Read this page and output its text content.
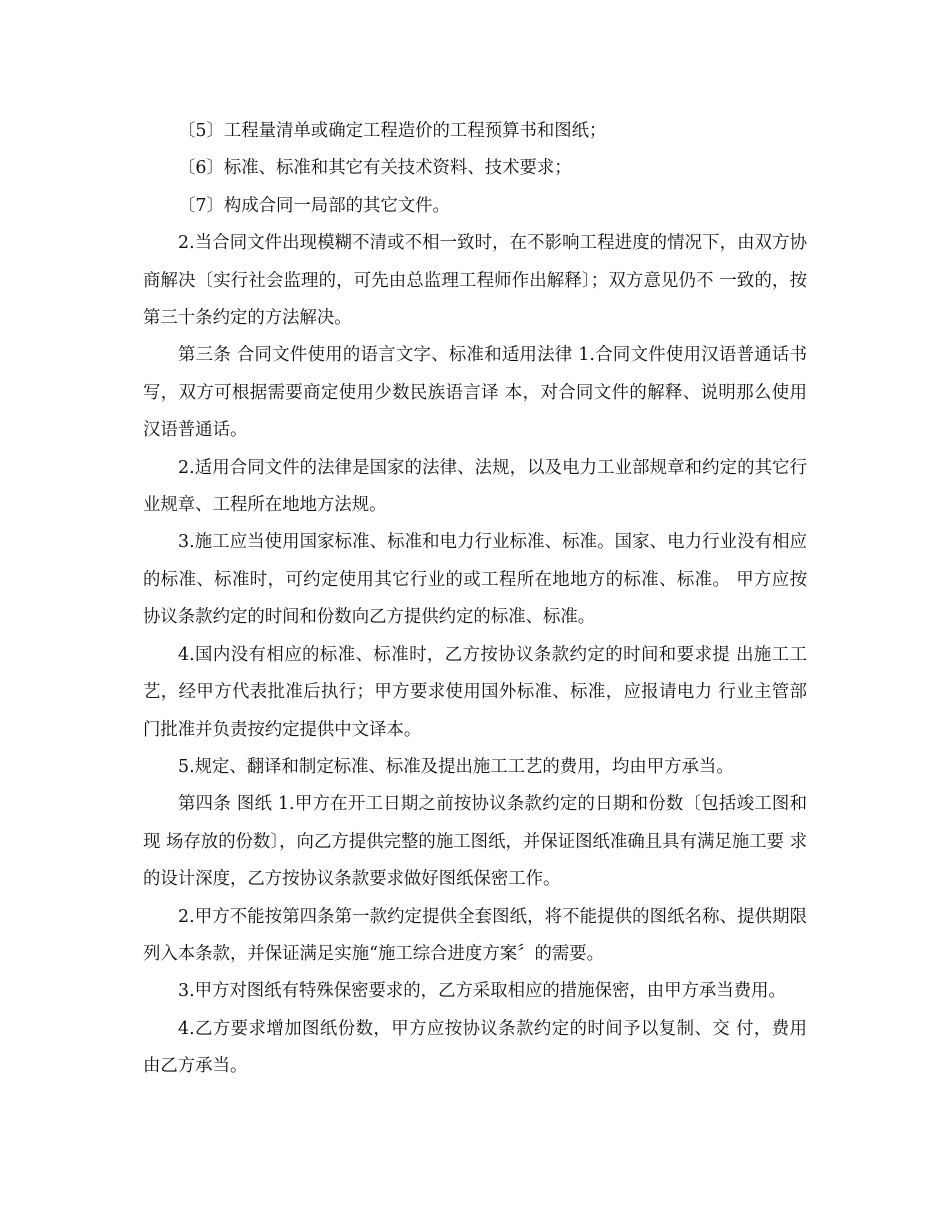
〔5〕工程量清单或确定工程造价的工程预算书和图纸；

〔6〕标准、标准和其它有关技术资料、技术要求；

〔7〕构成合同一局部的其它文件。

2.当合同文件出现模糊不清或不相一致时，在不影响工程进度的情况下，由双方协商解决〔实行社会监理的，可先由总监理工程师作出解释〕；双方意见仍不 一致的，按第三十条约定的方法解决。

第三条 合同文件使用的语言文字、标准和适用法律 1.合同文件使用汉语普通话书写，双方可根据需要商定使用少数民族语言译 本，对合同文件的解释、说明那么使用汉语普通话。

2.适用合同文件的法律是国家的法律、法规，以及电力工业部规章和约定的其它行业规章、工程所在地地方法规。

3.施工应当使用国家标准、标准和电力行业标准、标准。国家、电力行业没有相应的标准、标准时，可约定使用其它行业的或工程所在地地方的标准、标准。 甲方应按协议条款约定的时间和份数向乙方提供约定的标准、标准。

4.国内没有相应的标准、标准时，乙方按协议条款约定的时间和要求提 出施工工艺，经甲方代表批准后执行；甲方要求使用国外标准、标准，应报请电力 行业主管部门批准并负责按约定提供中文译本。

5.规定、翻译和制定标准、标准及提出施工工艺的费用，均由甲方承当。

第四条 图纸 1.甲方在开工日期之前按协议条款约定的日期和份数〔包括竣工图和现 场存放的份数〕，向乙方提供完整的施工图纸，并保证图纸准确且具有满足施工要 求的设计深度，乙方按协议条款要求做好图纸保密工作。

2.甲方不能按第四条第一款约定提供全套图纸，将不能提供的图纸名称、提供期限列入本条款，并保证满足实施“施工综合进度方案〞的需要。

3.甲方对图纸有特殊保密要求的，乙方采取相应的措施保密，由甲方承当费用。

4.乙方要求增加图纸份数，甲方应按协议条款约定的时间予以复制、交 付，费用由乙方承当。
